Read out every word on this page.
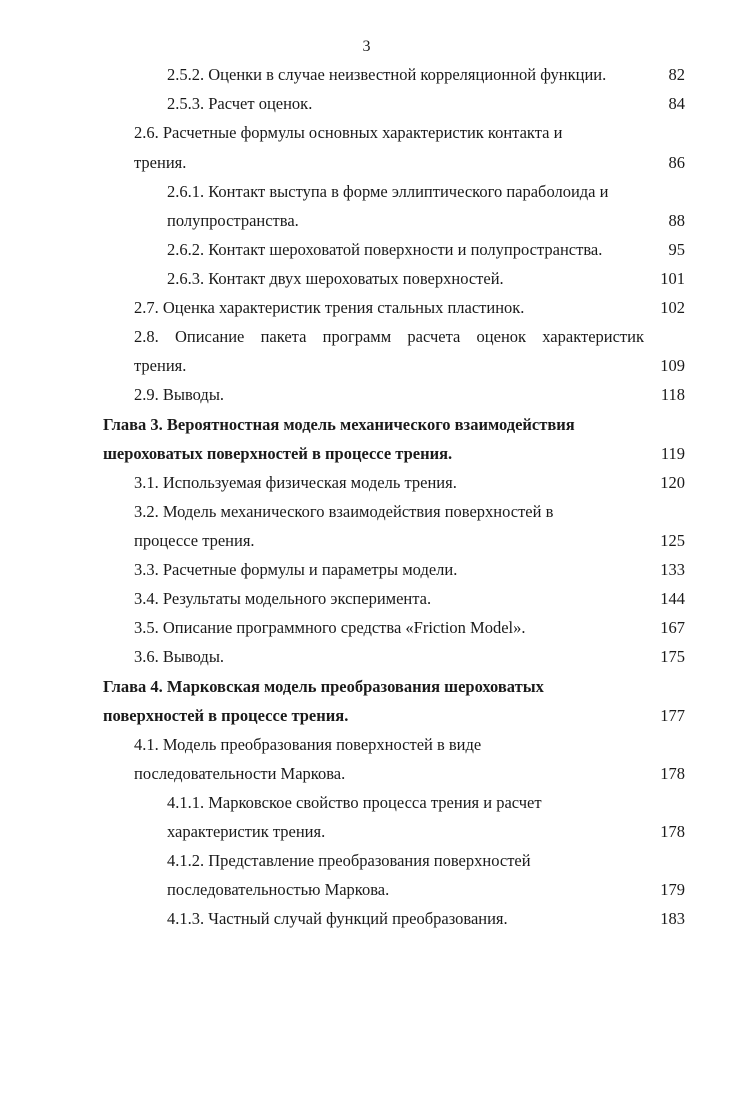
3
2.5.2. Оценки в случае неизвестной корреляционной функции.	82
2.5.3. Расчет оценок.	84
2.6. Расчетные формулы основных характеристик контакта и
трения.	86
2.6.1. Контакт выступа в форме эллиптического параболоида и
полупространства.	88
2.6.2. Контакт шероховатой поверхности и полупространства.	95
2.6.3. Контакт двух шероховатых поверхностей.	101
2.7. Оценка характеристик трения стальных пластинок.	102
2.8. Описание пакета программ расчета оценок характеристик
трения.	109
2.9. Выводы.	118
Глава 3. Вероятностная модель механического взаимодействия
шероховатых поверхностей в процессе трения.	119
3.1. Используемая физическая модель трения.	120
3.2. Модель механического взаимодействия поверхностей в
процессе трения.	125
3.3. Расчетные формулы и параметры модели.	133
3.4. Результаты модельного эксперимента.	144
3.5. Описание программного средства «Friction Model».	167
3.6. Выводы.	175
Глава 4. Марковская модель преобразования шероховатых
поверхностей в процессе трения.	177
4.1. Модель преобразования поверхностей в виде
последовательности Маркова.	178
4.1.1. Марковское свойство процесса трения и расчет
характеристик трения.	178
4.1.2. Представление преобразования поверхностей
последовательностью Маркова.	179
4.1.3. Частный случай функций преобразования.	183
